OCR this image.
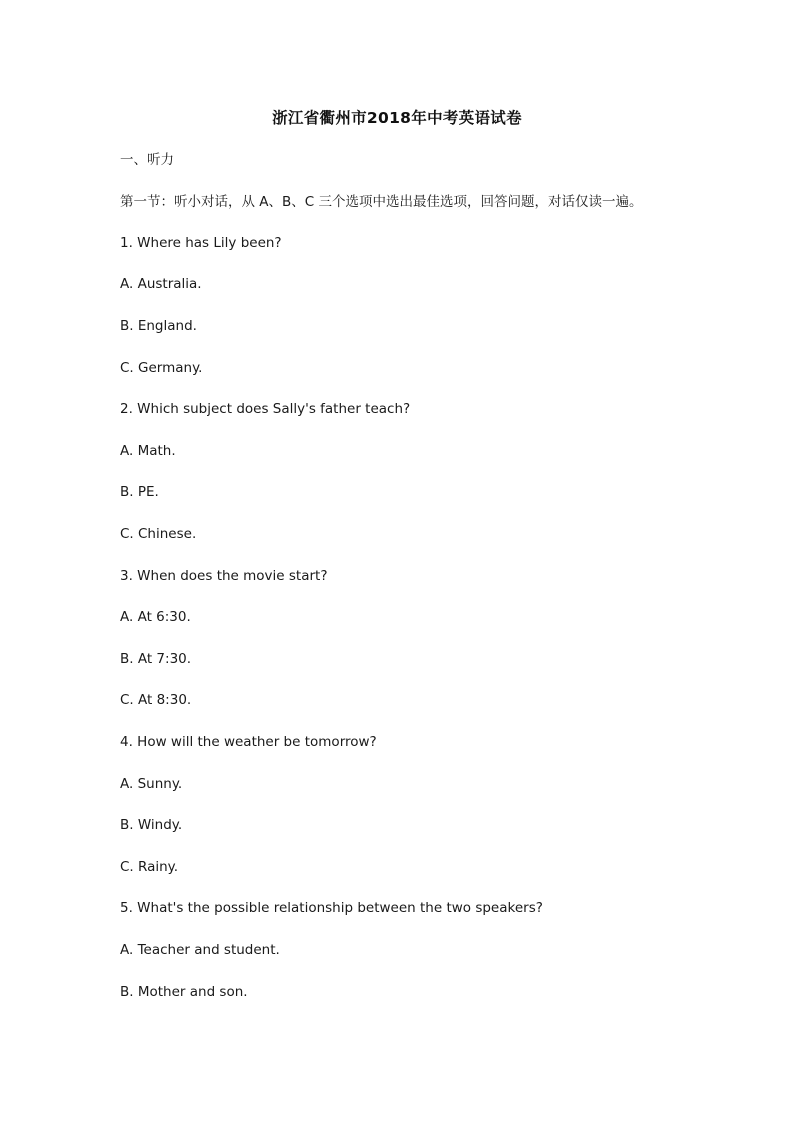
浙江省衢州市2018年中考英语试卷
一、听力
第一节：听小对话，从 A、B、C 三个选项中选出最佳选项，回答问题，对话仅读一遍。
1. Where has Lily been?
A. Australia.
B. England.
C. Germany.
2. Which subject does Sally's father teach?
A. Math.
B. PE.
C. Chinese.
3. When does the movie start?
A. At 6:30.
B. At 7:30.
C. At 8:30.
4. How will the weather be tomorrow?
A. Sunny.
B. Windy.
C. Rainy.
5. What's the possible relationship between the two speakers?
A. Teacher and student.
B. Mother and son.
